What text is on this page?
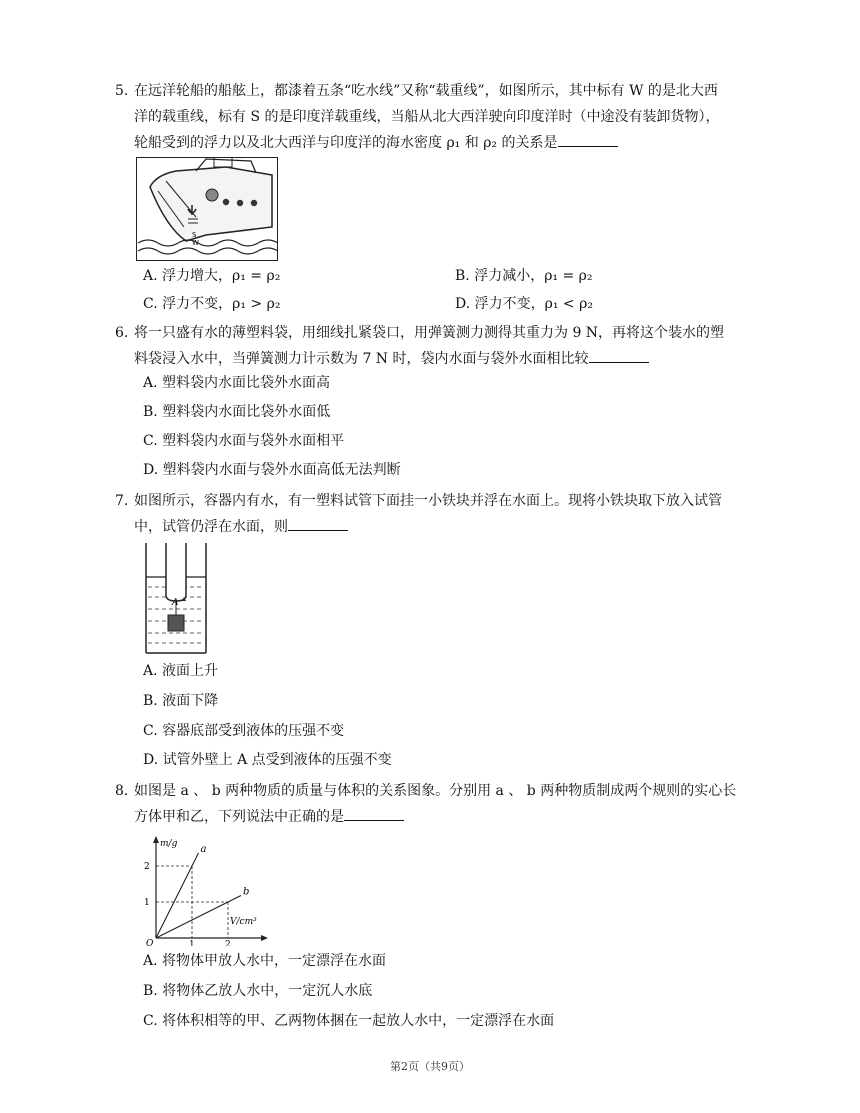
5. 在远洋轮船的船舷上，都漆着五条“吃水线”又称“载重线”，如图所示，其中标有 W 的是北大西
洋的载重线，标有 S 的是印度洋载重线，当船从北大西洋驶向印度洋时（中途没有装卸货物），
轮船受到的浮力以及北大西洋与印度洋的海水密度 ρ₁ 和 ρ₂ 的关系是
S
W
A. 浮力增大，ρ₁ = ρ₂	B. 浮力减小，ρ₁ = ρ₂
C. 浮力不变，ρ₁ > ρ₂	D. 浮力不变，ρ₁ < ρ₂
6. 将一只盛有水的薄塑料袋，用细线扎紧袋口，用弹簧测力测得其重力为 9 N，再将这个装水的塑
料袋浸入水中，当弹簧测力计示数为 7 N 时，袋内水面与袋外水面相比较
A. 塑料袋内水面比袋外水面高
B. 塑料袋内水面比袋外水面低
C. 塑料袋内水面与袋外水面相平
D. 塑料袋内水面与袋外水面高低无法判断
7. 如图所示，容器内有水，有一塑料试管下面挂一小铁块并浮在水面上。现将小铁块取下放入试管
中，试管仍浮在水面，则
A
A. 液面上升
B. 液面下降
C. 容器底部受到液体的压强不变
D. 试管外壁上 A 点受到液体的压强不变
8. 如图是 a 、 b 两种物质的质量与体积的关系图象。分别用 a 、 b 两种物质制成两个规则的实心长
方体甲和乙，下列说法中正确的是
m/g
V/cm³
O	1	2
1
2
a
b
A. 将物体甲放人水中，一定漂浮在水面
B. 将物体乙放人水中，一定沉人水底
C. 将体积相等的甲、乙两物体捆在一起放人水中，一定漂浮在水面
第2页（共9页）
